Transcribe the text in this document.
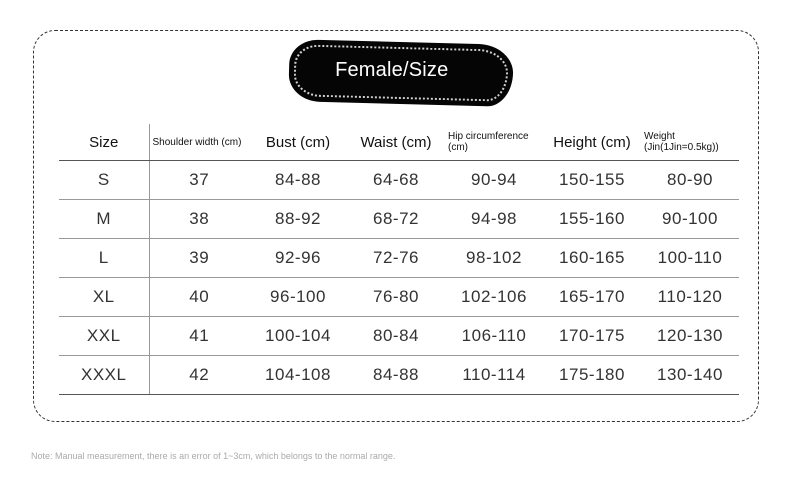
Female/Size
Size	Shoulder width (cm)	Bust (cm)	Waist (cm)	Hip circumference (cm)	Height (cm)	Weight (Jin(1Jin=0.5kg))
S	37	84-88	64-68	90-94	150-155	80-90
M	38	88-92	68-72	94-98	155-160	90-100
L	39	92-96	72-76	98-102	160-165	100-110
XL	40	96-100	76-80	102-106	165-170	110-120
XXL	41	100-104	80-84	106-110	170-175	120-130
XXXL	42	104-108	84-88	110-114	175-180	130-140
Note: Manual measurement, there is an error of 1~3cm, which belongs to the normal range.
